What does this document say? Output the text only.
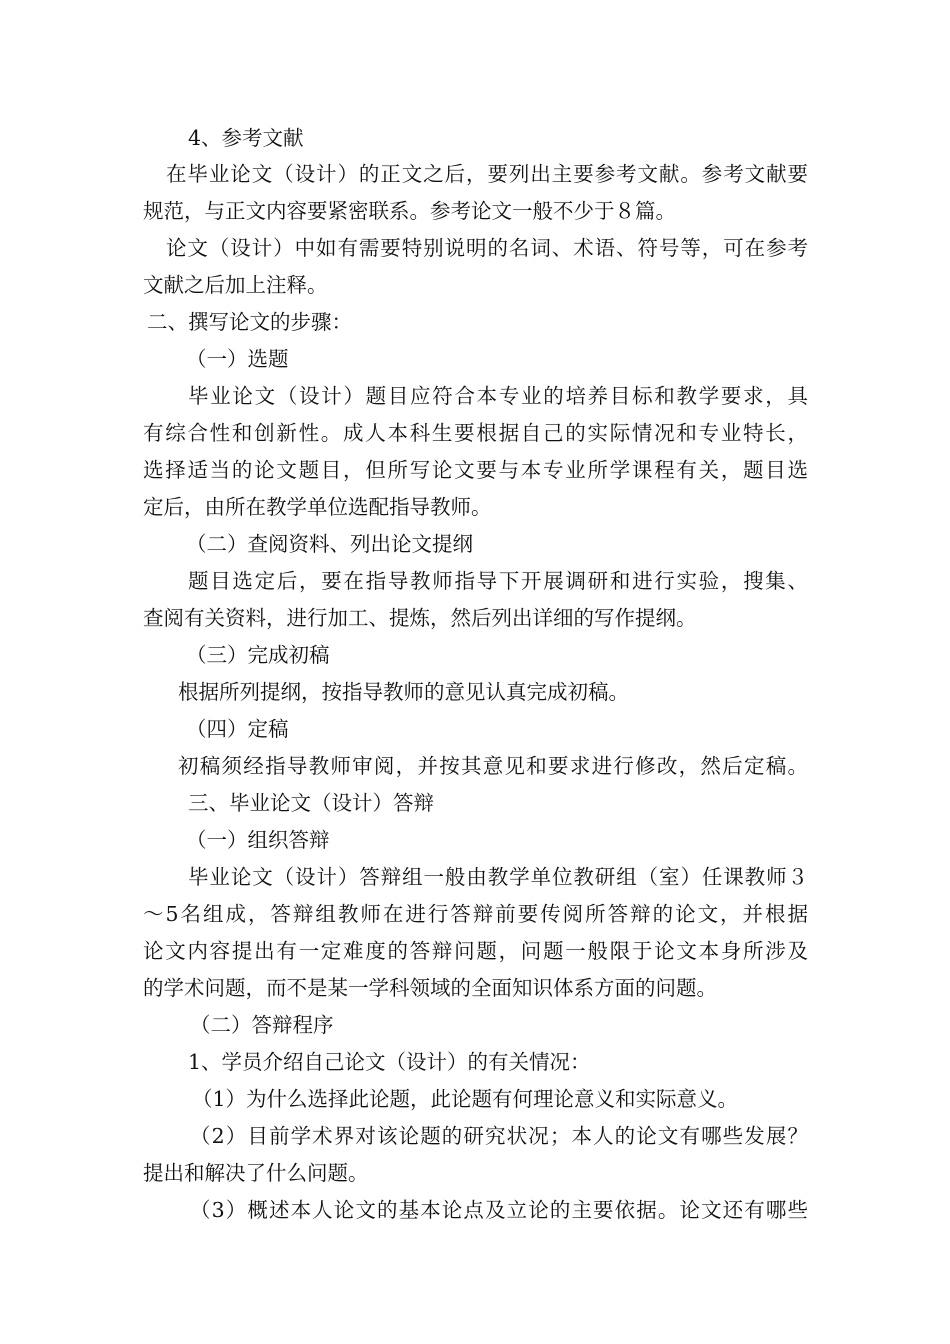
4、参考文献
在毕业论文（设计）的正文之后，要列出主要参考文献。参考文献要
规范，与正文内容要紧密联系。参考论文一般不少于８篇。
论文（设计）中如有需要特别说明的名词、术语、符号等，可在参考
文献之后加上注释。
二、撰写论文的步骤：
（一）选题
毕业论文（设计）题目应符合本专业的培养目标和教学要求，具
有综合性和创新性。成人本科生要根据自己的实际情况和专业特长，
选择适当的论文题目，但所写论文要与本专业所学课程有关，题目选
定后，由所在教学单位选配指导教师。
（二）查阅资料、列出论文提纲
题目选定后，要在指导教师指导下开展调研和进行实验，搜集、
查阅有关资料，进行加工、提炼，然后列出详细的写作提纲。
（三）完成初稿
根据所列提纲，按指导教师的意见认真完成初稿。
（四）定稿
初稿须经指导教师审阅，并按其意见和要求进行修改，然后定稿。
三、毕业论文（设计）答辩
（一）组织答辩
毕业论文（设计）答辩组一般由教学单位教研组（室）任课教师３
～5名组成，答辩组教师在进行答辩前要传阅所答辩的论文，并根据
论文内容提出有一定难度的答辩问题，问题一般限于论文本身所涉及
的学术问题，而不是某一学科领域的全面知识体系方面的问题。
（二）答辩程序
1、学员介绍自己论文（设计）的有关情况：
（1）为什么选择此论题，此论题有何理论意义和实际意义。
（2）目前学术界对该论题的研究状况；本人的论文有哪些发展？
提出和解决了什么问题。
（3）概述本人论文的基本论点及立论的主要依据。论文还有哪些
